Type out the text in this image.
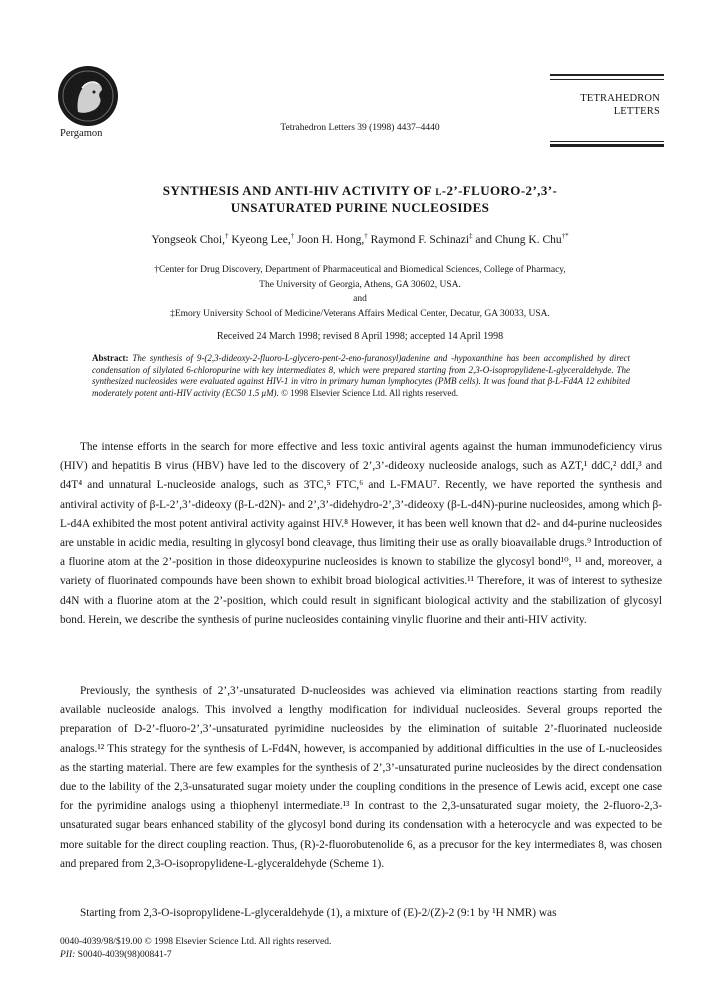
Pergamon	Tetrahedron Letters 39 (1998) 4437–4440
TETRAHEDRON
LETTERS
SYNTHESIS AND ANTI-HIV ACTIVITY OF l-2’-FLUORO-2’,3’-
UNSATURATED PURINE NUCLEOSIDES
Yongseok Choi,† Kyeong Lee,† Joon H. Hong,† Raymond F. Schinazi‡ and Chung K. Chu†*
†Center for Drug Discovery, Department of Pharmaceutical and Biomedical Sciences, College of Pharmacy,
The University of Georgia, Athens, GA 30602, USA.
and
‡Emory University School of Medicine/Veterans Affairs Medical Center, Decatur, GA 30033, USA.
Received 24 March 1998; revised 8 April 1998; accepted 14 April 1998
Abstract: The synthesis of 9-(2,3-dideoxy-2-fluoro-L-glycero-pent-2-eno-furanosyl)adenine and -hypoxanthine has been accomplished by direct condensation of silylated 6-chloropurine with key intermediates 8, which were prepared starting from 2,3-O-isopropylidene-L-glyceraldehyde. The synthesized nucleosides were evaluated against HIV-1 in vitro in primary human lymphocytes (PMB cells). It was found that β-L-Fd4A 12 exhibited moderately potent anti-HIV activity (EC50 1.5 μM). © 1998 Elsevier Science Ltd. All rights reserved.

The intense efforts in the search for more effective and less toxic antiviral agents against the human immunodeficiency virus (HIV) and hepatitis B virus (HBV) have led to the discovery of 2’,3’-dideoxy nucleoside analogs, such as AZT,¹ ddC,² ddI,³ and d4T⁴ and unnatural L-nucleoside analogs, such as 3TC,⁵ FTC,⁶ and L-FMAU⁷. Recently, we have reported the synthesis and antiviral activity of β-L-2’,3’-dideoxy (β-L-d2N)- and 2’,3’-didehydro-2’,3’-dideoxy (β-L-d4N)-purine nucleosides, among which β-L-d4A exhibited the most potent antiviral activity against HIV.⁸ However, it has been well known that d2- and d4-purine nucleosides are unstable in acidic media, resulting in glycosyl bond cleavage, thus limiting their use as orally bioavailable drugs.⁹ Introduction of a fluorine atom at the 2’-position in those dideoxypurine nucleosides is known to stabilize the glycosyl bond¹⁰, ¹¹ and, moreover, a variety of fluorinated compounds have been shown to exhibit broad biological activities.¹¹ Therefore, it was of interest to sythesize d4N with a fluorine atom at the 2’-position, which could result in significant biological activity and the stabilization of glycosyl bond. Herein, we describe the synthesis of purine nucleosides containing vinylic fluorine and their anti-HIV activity.

Previously, the synthesis of 2’,3’-unsaturated D-nucleosides was achieved via elimination reactions starting from readily available nucleoside analogs. This involved a lengthy modification for individual nucleosides. Several groups reported the preparation of D-2’-fluoro-2’,3’-unsaturated pyrimidine nucleosides by the elimination of suitable 2’-fluorinated nucleoside analogs.¹² This strategy for the synthesis of L-Fd4N, however, is accompanied by additional difficulties in the use of L-nucleosides as the starting material. There are few examples for the synthesis of 2’,3’-unsaturated purine nucleosides by the direct condensation due to the lability of the 2,3-unsaturated sugar moiety under the coupling conditions in the presence of Lewis acid, except one case for the pyrimidine analogs using a thiophenyl intermediate.¹³ In contrast to the 2,3-unsaturated sugar moiety, the 2-fluoro-2,3-unsaturated sugar bears enhanced stability of the glycosyl bond during its condensation with a heterocycle and was expected to be more suitable for the direct coupling reaction. Thus, (R)-2-fluorobutenolide 6, as a precusor for the key intermediates 8, was chosen and prepared from 2,3-O-isopropylidene-L-glyceraldehyde (Scheme 1).

Starting from 2,3-O-isopropylidene-L-glyceraldehyde (1), a mixture of (E)-2/(Z)-2 (9:1 by ¹H NMR) was

0040-4039/98/$19.00 © 1998 Elsevier Science Ltd. All rights reserved.
PII: S0040-4039(98)00841-7
